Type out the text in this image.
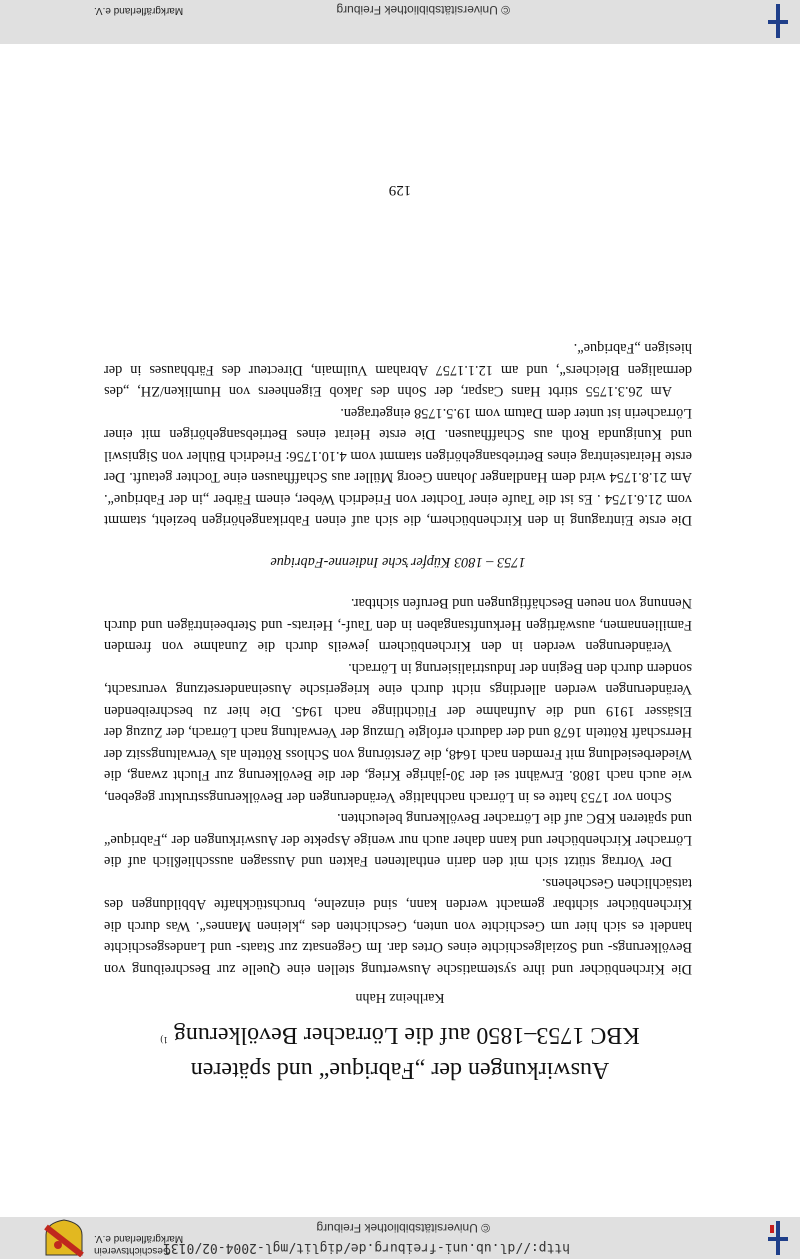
http://dl.ub.uni-freiburg.de/diglit/mgl-2004-02/0131
© Universitätsbibliothek Freiburg
Geschichtsverein
Markgräflerland e.V.
Auswirkungen der „Fabrique“ und späteren
KBC 1753–1850 auf die Lörracher Bevölkerung$^{1)}$
Karlheinz Hahn

Die Kirchenbücher und ihre systematische Auswertung stellen eine Quelle zur Beschreibung von Bevölkerungs- und Sozialgeschichte eines Ortes dar. Im Gegensatz zur Staats- und Landesgeschichte handelt es sich hier um Geschichte von unten, Geschichten des „kleinen Mannes“. Was durch die Kirchenbücher sichtbar gemacht werden kann, sind einzelne, bruchstückhafte Abbildungen des tatsächlichen Geschehens.

Der Vortrag stützt sich mit den darin enthaltenen Fakten und Aussagen ausschließlich auf die Lörracher Kirchenbücher und kann daher auch nur wenige Aspekte der Auswirkungen der „Fabrique“ und späteren KBC auf die Lörracher Bevölkerung beleuchten.

Schon vor 1753 hatte es in Lörrach nachhaltige Veränderungen der Bevölkerungsstruktur gegeben, wie auch nach 1808. Erwähnt sei der 30-jährige Krieg, der die Bevölkerung zur Flucht zwang, die Wiederbesiedlung mit Fremden nach 1648, die Zerstörung von Schloss Rötteln als Verwaltungssitz der Herrschaft Rötteln 1678 und der dadurch erfolgte Umzug der Verwaltung nach Lörrach, der Zuzug der Elsässer 1919 und die Aufnahme der Flüchtlinge nach 1945. Die hier zu beschreibenden Veränderungen werden allerdings nicht durch eine kriegerische Auseinandersetzung verursacht, sondern durch den Beginn der Industrialisierung in Lörrach.

Veränderungen werden in den Kirchenbüchern jeweils durch die Zunahme von fremden Familiennamen, auswärtigen Herkunftsangaben in den Tauf-, Heirats- und Sterbeeinträgen und durch Nennung von neuen Beschäftigungen und Berufen sichtbar.

1753 – 1803 Küpfer’sche Indienne-Fabrique

Die erste Eintragung in den Kirchenbüchern, die sich auf einen Fabrikangehörigen bezieht, stammt vom 21.6.1754 . Es ist die Taufe einer Tochter von Friedrich Weber, einem Färber „in der Fabrique“. Am 21.8.1754 wird dem Handlanger Johann Georg Müller aus Schaffhausen eine Tochter getauft. Der erste Heiratseintrag eines Betriebsangehörigen stammt vom 4.10.1756: Friedrich Bühler von Signiswil und Kunigunda Roth aus Schaffhausen. Die erste Heirat eines Betriebsangehörigen mit einer Lörracherin ist unter dem Datum vom 19.5.1758 eingetragen.

Am 26.3.1755 stirbt Hans Caspar, der Sohn des Jakob Eigenheers von Humliken/ZH, „des dermaligen Bleichers“, und am 12.1.1757 Abraham Vuilmain, Directeur des Färbhauses in der hiesigen „Fabrique“.

129
© Universitätsbibliothek Freiburg
Markgräflerland e.V.
